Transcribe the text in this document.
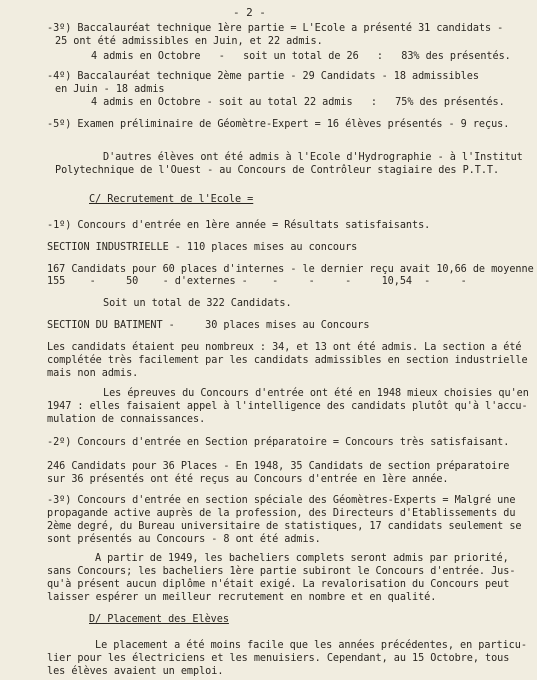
- 2 -
-3º) Baccalauréat technique 1ère partie = L'Ecole a présenté 31 candidats -
25 ont été admissibles en Juin, et 22 admis.
4 admis en Octobre   -   soit un total de 26   :   83% des présentés.
-4º) Baccalauréat technique 2ème partie - 29 Candidats - 18 admissibles
en Juin - 18 admis
4 admis en Octobre - soit au total 22 admis   :   75% des présentés.
-5º) Examen préliminaire de Géomètre-Expert = 16 élèves présentés - 9 reçus.
D'autres élèves ont été admis à l'Ecole d'Hydrographie - à l'Institut
Polytechnique de l'Ouest - au Concours de Contrôleur stagiaire des P.T.T.
C/ Recrutement de l'Ecole =
-1º) Concours d'entrée en 1ère année = Résultats satisfaisants.
SECTION INDUSTRIELLE - 110 places mises au concours
167 Candidats pour 60 places d'internes - le dernier reçu avait 10,66 de moyenne
155    -     50    - d'externes -    -     -     -     10,54  -     -
Soit un total de 322 Candidats.
SECTION DU BATIMENT -     30 places mises au Concours
Les candidats étaient peu nombreux : 34, et 13 ont été admis. La section a été
complétée très facilement par les candidats admissibles en section industrielle
mais non admis.
Les épreuves du Concours d'entrée ont été en 1948 mieux choisies qu'en
1947 : elles faisaient appel à l'intelligence des candidats plutôt qu'à l'accu-
mulation de connaissances.
-2º) Concours d'entrée en Section préparatoire = Concours très satisfaisant.
246 Candidats pour 36 Places - En 1948, 35 Candidats de section préparatoire
sur 36 présentés ont été reçus au Concours d'entrée en 1ère année.
-3º) Concours d'entrée en section spéciale des Géomètres-Experts = Malgré une
propagande active auprès de la profession, des Directeurs d'Etablissements du
2ème degré, du Bureau universitaire de statistiques, 17 candidats seulement se
sont présentés au Concours - 8 ont été admis.
A partir de 1949, les bacheliers complets seront admis par priorité,
sans Concours; les bacheliers 1ère partie subiront le Concours d'entrée. Jus-
qu'à présent aucun diplôme n'était exigé. La revalorisation du Concours peut
laisser espérer un meilleur recrutement en nombre et en qualité.
D/ Placement des Elèves
Le placement a été moins facile que les années précédentes, en particu-
lier pour les électriciens et les menuisiers. Cependant, au 15 Octobre, tous
les élèves avaient un emploi.
